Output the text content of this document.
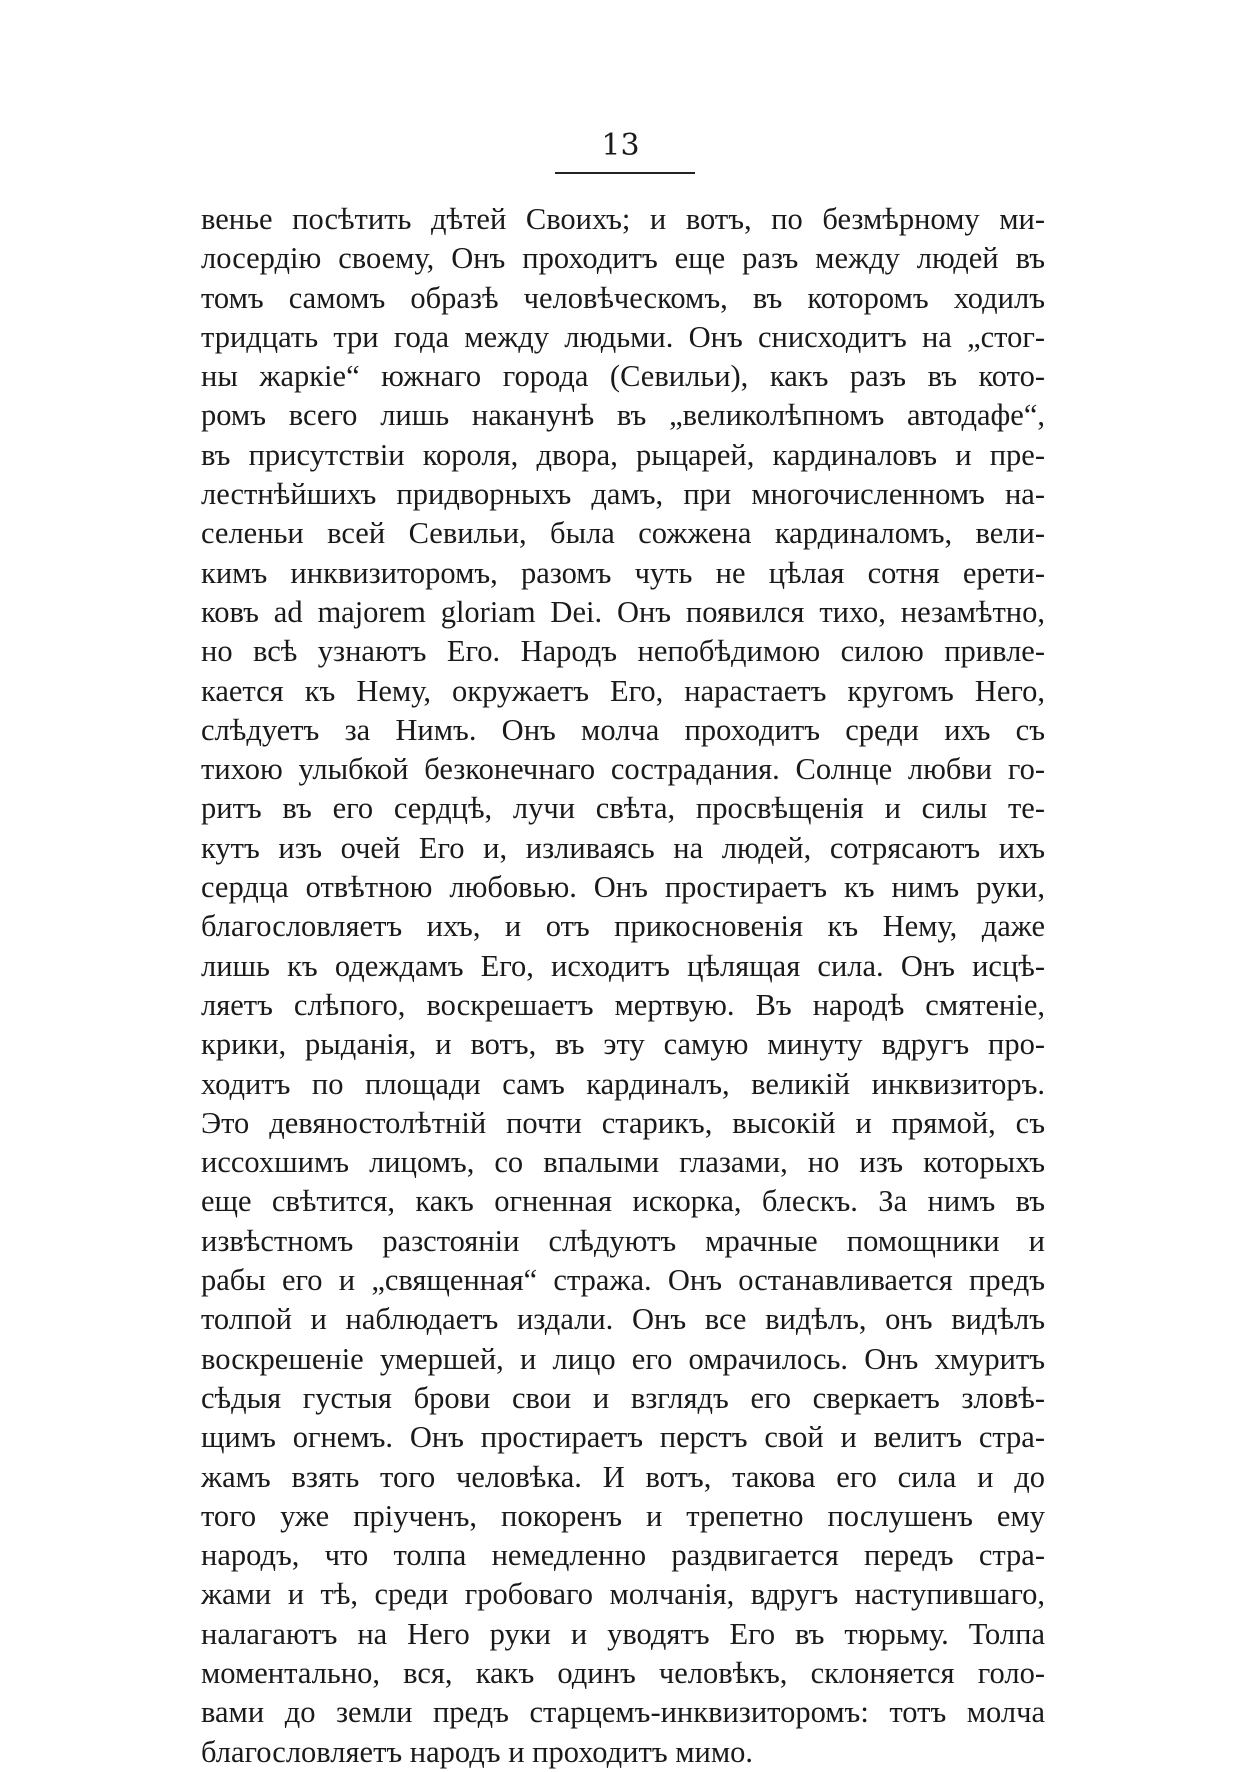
13
венье посѣтить дѣтей Своихъ; и вотъ, по безмѣрному ми-
лосердію своему, Онъ проходитъ еще разъ между людей въ
томъ самомъ образѣ человѣческомъ, въ которомъ ходилъ
тридцать три года между людьми. Онъ снисходитъ на „стог-
ны жаркіе“ южнаго города (Севильи), какъ разъ въ кото-
ромъ всего лишь наканунѣ въ „великолѣпномъ автодафе“,
въ присутствіи короля, двора, рыцарей, кардиналовъ и пре-
лестнѣйшихъ придворныхъ дамъ, при многочисленномъ на-
селеньи всей Севильи, была сожжена кардиналомъ, вели-
кимъ инквизиторомъ, разомъ чуть не цѣлая сотня ерети-
ковъ ad majorem gloriam Dei. Онъ появился тихо, незамѣтно,
но всѣ узнаютъ Его. Народъ непобѣдимою силою привле-
кается къ Нему, окружаетъ Его, нарастаетъ кругомъ Него,
слѣдуетъ за Нимъ. Онъ молча проходитъ среди ихъ съ
тихою улыбкой безконечнаго сострадания. Солнце любви го-
ритъ въ его сердцѣ, лучи свѣта, просвѣщенія и силы те-
кутъ изъ очей Его и, изливаясь на людей, сотрясаютъ ихъ
сердца отвѣтною любовью. Онъ простираетъ къ нимъ руки,
благословляетъ ихъ, и отъ прикосновенія къ Нему, даже
лишь къ одеждамъ Его, исходитъ цѣлящая сила. Онъ исцѣ-
ляетъ слѣпого, воскрешаетъ мертвую. Въ народѣ смятеніе,
крики, рыданія, и вотъ, въ эту самую минуту вдругъ про-
ходитъ по площади самъ кардиналъ, великій инквизиторъ.
Это девяностолѣтній почти старикъ, высокій и прямой, съ
иссохшимъ лицомъ, со впалыми глазами, но изъ которыхъ
еще свѣтится, какъ огненная искорка, блескъ. За нимъ въ
извѣстномъ разстояніи слѣдуютъ мрачные помощники и
рабы его и „священная“ стража. Онъ останавливается предъ
толпой и наблюдаетъ издали. Онъ все видѣлъ, онъ видѣлъ
воскрешеніе умершей, и лицо его омрачилось. Онъ хмуритъ
сѣдыя густыя брови свои и взглядъ его сверкаетъ зловѣ-
щимъ огнемъ. Онъ простираетъ перстъ свой и велитъ стра-
жамъ взять того человѣка. И вотъ, такова его сила и до
того уже пріученъ, покоренъ и трепетно послушенъ ему
народъ, что толпа немедленно раздвигается передъ стра-
жами и тѣ, среди гробоваго молчанія, вдругъ наступившаго,
налагаютъ на Него руки и уводятъ Его въ тюрьму. Толпа
моментально, вся, какъ одинъ человѣкъ, склоняется голо-
вами до земли предъ старцемъ-инквизиторомъ: тотъ молча
благословляетъ народъ и проходитъ мимо.
